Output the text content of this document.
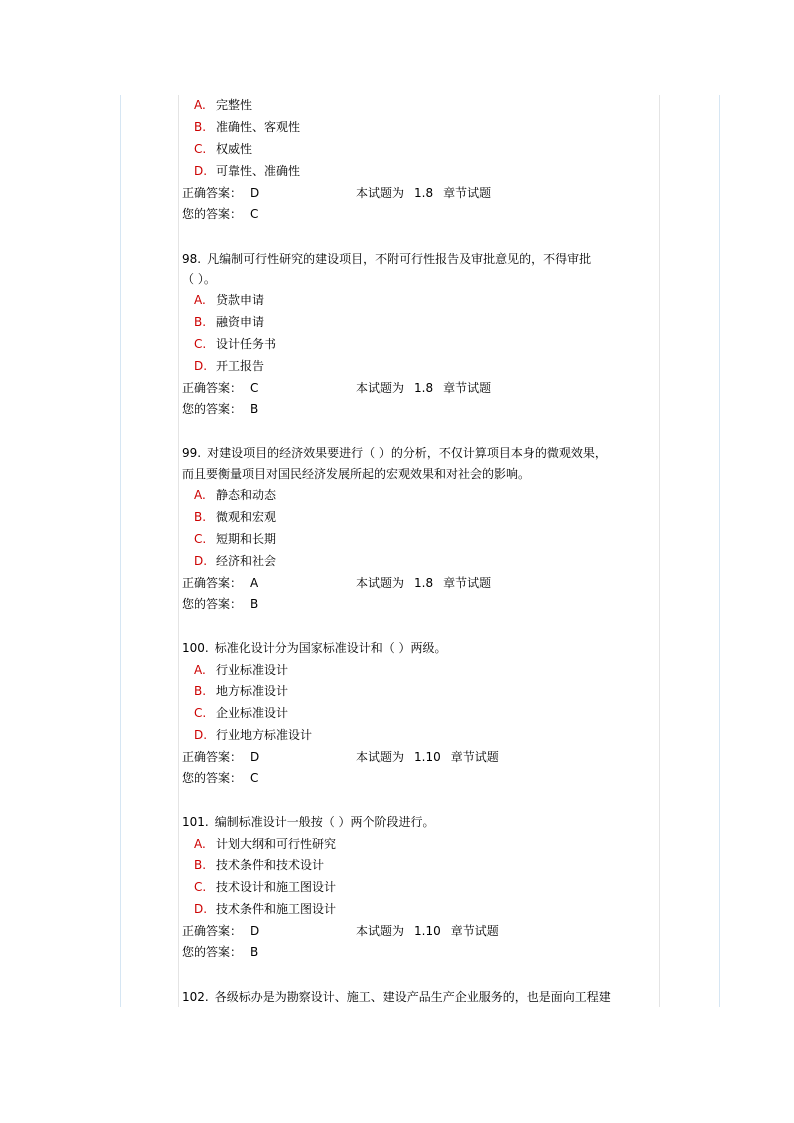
A. 完整性
B. 准确性、客观性
C. 权威性
D. 可靠性、准确性
正确答案： D	本试题为 1.8 章节试题
您的答案： C
98. 凡编制可行性研究的建设项目，不附可行性报告及审批意见的，不得审批
（ ）。
A. 贷款申请
B. 融资申请
C. 设计任务书
D. 开工报告
正确答案： C	本试题为 1.8 章节试题
您的答案： B
99. 对建设项目的经济效果要进行（ ）的分析，不仅计算项目本身的微观效果，
而且要衡量项目对国民经济发展所起的宏观效果和对社会的影响。
A. 静态和动态
B. 微观和宏观
C. 短期和长期
D. 经济和社会
正确答案： A	本试题为 1.8 章节试题
您的答案： B
100. 标准化设计分为国家标准设计和（ ）两级。
A. 行业标准设计
B. 地方标准设计
C. 企业标准设计
D. 行业地方标准设计
正确答案： D	本试题为 1.10 章节试题
您的答案： C
101. 编制标准设计一般按（ ）两个阶段进行。
A. 计划大纲和可行性研究
B. 技术条件和技术设计
C. 技术设计和施工图设计
D. 技术条件和施工图设计
正确答案： D	本试题为 1.10 章节试题
您的答案： B
102. 各级标办是为勘察设计、施工、建设产品生产企业服务的，也是面向工程建
